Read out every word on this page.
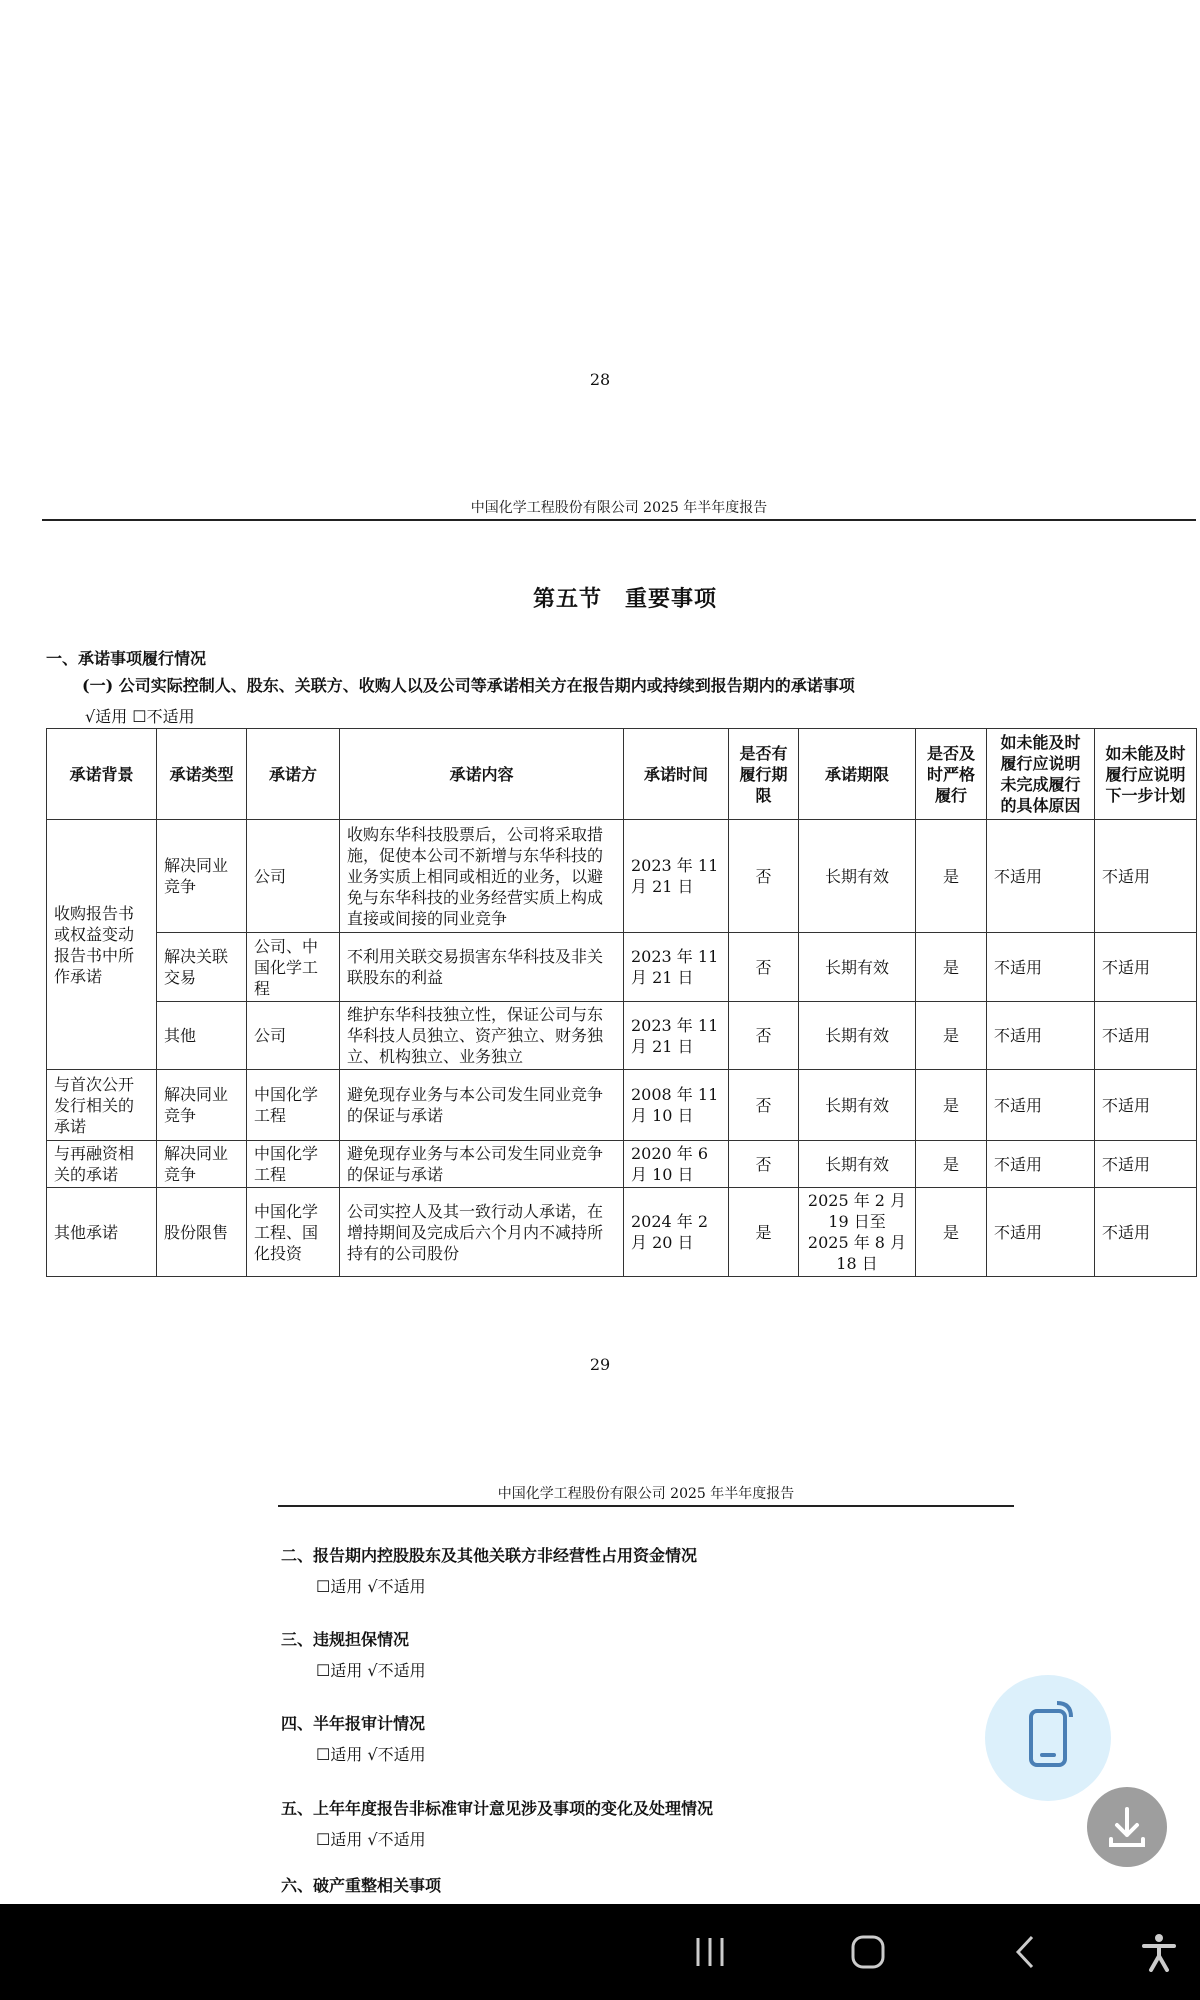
28
中国化学工程股份有限公司 2025 年半年度报告
第五节　重要事项
一、承诺事项履行情况
(一) 公司实际控制人、股东、关联方、收购人以及公司等承诺相关方在报告期内或持续到报告期内的承诺事项
√适用 ☐不适用
承诺背景	承诺类型	承诺方	承诺内容	承诺时间	是否有履行期限	承诺期限	是否及时严格履行	如未能及时履行应说明未完成履行的具体原因	如未能及时履行应说明下一步计划
收购报告书或权益变动报告书中所作承诺	解决同业竞争	公司	收购东华科技股票后，公司将采取措施，促使本公司不新增与东华科技的业务实质上相同或相近的业务，以避免与东华科技的业务经营实质上构成直接或间接的同业竞争	2023 年 11 月 21 日	否	长期有效	是	不适用	不适用
	解决关联交易	公司、中国化学工程	不利用关联交易损害东华科技及非关联股东的利益	2023 年 11 月 21 日	否	长期有效	是	不适用	不适用
	其他	公司	维护东华科技独立性，保证公司与东华科技人员独立、资产独立、财务独立、机构独立、业务独立	2023 年 11 月 21 日	否	长期有效	是	不适用	不适用
与首次公开发行相关的承诺	解决同业竞争	中国化学工程	避免现存业务与本公司发生同业竞争的保证与承诺	2008 年 11 月 10 日	否	长期有效	是	不适用	不适用
与再融资相关的承诺	解决同业竞争	中国化学工程	避免现存业务与本公司发生同业竞争的保证与承诺	2020 年 6 月 10 日	否	长期有效	是	不适用	不适用
其他承诺	股份限售	中国化学工程、国化投资	公司实控人及其一致行动人承诺，在增持期间及完成后六个月内不减持所持有的公司股份	2024 年 2 月 20 日	是	2025 年 2 月 19 日至 2025 年 8 月 18 日	是	不适用	不适用
29
中国化学工程股份有限公司 2025 年半年度报告
二、报告期内控股股东及其他关联方非经营性占用资金情况
☐适用 √不适用
三、违规担保情况
☐适用 √不适用
四、半年报审计情况
☐适用 √不适用
五、上年年度报告非标准审计意见涉及事项的变化及处理情况
☐适用 √不适用
六、破产重整相关事项
